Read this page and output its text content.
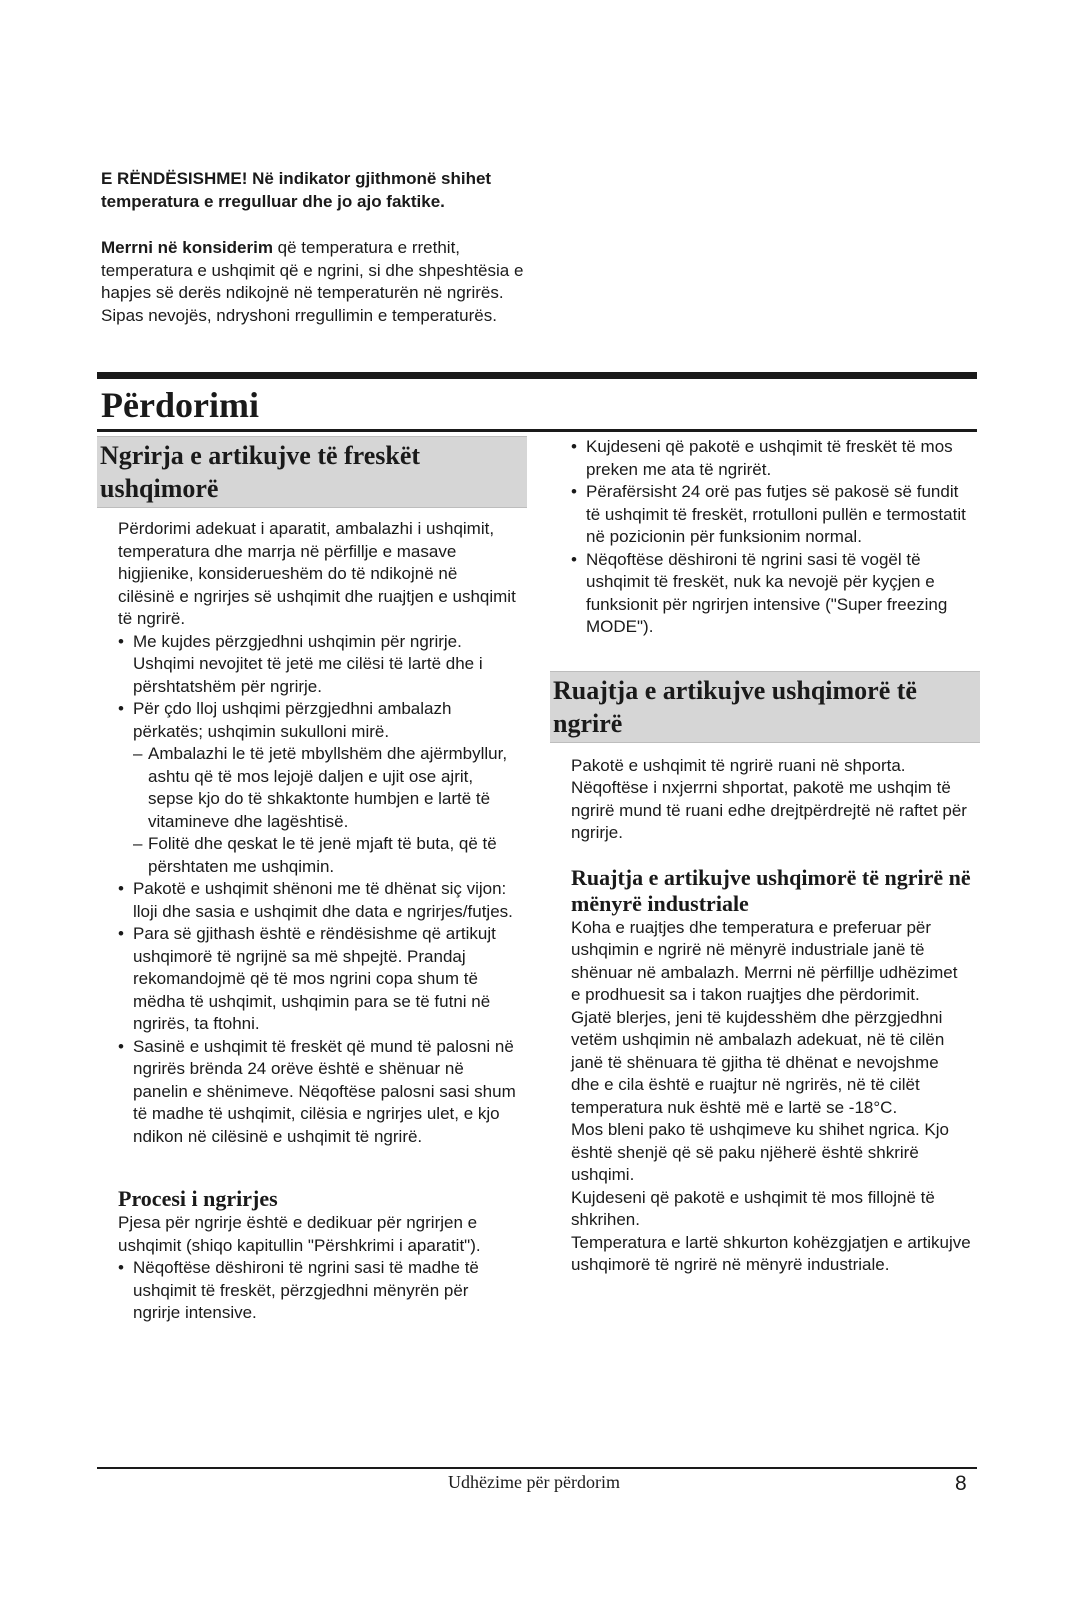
E RËNDËSISHME! Në indikator gjithmonë shihet temperatura e rregulluar dhe jo ajo faktike.

Merrni në konsiderim që temperatura e rrethit, temperatura e ushqimit që e ngrini, si dhe shpeshtësia e hapjes së derës ndikojnë në temperaturën në ngrirës. Sipas nevojës, ndryshoni rregullimin e temperaturës.

Përdorimi
Ngrirja e artikujve të freskët ushqimorë

Përdorimi adekuat i aparatit, ambalazhi i ushqimit, temperatura dhe marrja në përfillje e masave higjienike, konsiderueshëm do të ndikojnë në cilësinë e ngrirjes së ushqimit dhe ruajtjen e ushqimit të ngrirë.

• Me kujdes përzgjedhni ushqimin për ngrirje. Ushqimi nevojitet të jetë me cilësi të lartë dhe i përshtatshëm për ngrirje.
• Për çdo lloj ushqimi përzgjedhni ambalazh përkatës; ushqimin sukulloni mirë.
– Ambalazhi le të jetë mbyllshëm dhe ajërmbyllur, ashtu që të mos lejojë daljen e ujit ose ajrit, sepse kjo do të shkaktonte humbjen e lartë të vitamineve dhe lagështisë.
– Folitë dhe qeskat le të jenë mjaft të buta, që të përshtaten me ushqimin.
• Pakotë e ushqimit shënoni me të dhënat siç vijon: lloji dhe sasia e ushqimit dhe data e ngrirjes/futjes.
• Para së gjithash është e rëndësishme që artikujt ushqimorë të ngrijnë sa më shpejtë. Prandaj rekomandojmë që të mos ngrini copa shum të mëdha të ushqimit, ushqimin para se të futni në ngrirës, ta ftohni.
• Sasinë e ushqimit të freskët që mund të palosni në ngrirës brënda 24 orëve është e shënuar në panelin e shënimeve. Nëqoftëse palosni sasi shum të madhe të ushqimit, cilësia e ngrirjes ulet, e kjo ndikon në cilësinë e ushqimit të ngrirë.
Procesi i ngrirjes

Pjesa për ngrirje është e dedikuar për ngrirjen e ushqimit (shiqo kapitullin "Përshkrimi i aparatit").

• Nëqoftëse dëshironi të ngrini sasi të madhe të ushqimit të freskët, përzgjedhni mënyrën për ngrirje intensive.
• Kujdeseni që pakotë e ushqimit të freskët të mos preken me ata të ngrirët.
• Përafërsisht 24 orë pas futjes së pakosë së fundit të ushqimit të freskët, rrotulloni pullën e termostatit në pozicionin për funksionim normal.
• Nëqoftëse dëshironi të ngrini sasi të vogël të ushqimit të freskët, nuk ka nevojë për kyçjen e funksionit për ngrirjen intensive ("Super freezing MODE").
Ruajtja e artikujve ushqimorë të ngrirë

Pakotë e ushqimit të ngrirë ruani në shporta. Nëqoftëse i nxjerrni shportat, pakotë me ushqim të ngrirë mund të ruani edhe drejtpërdrejtë në raftet për ngrirje.

Ruajtja e artikujve ushqimorë të ngrirë në mënyrë industriale

Koha e ruajtjes dhe temperatura e preferuar për ushqimin e ngrirë në mënyrë industriale janë të shënuar në ambalazh. Merrni në përfillje udhëzimet e prodhuesit sa i takon ruajtjes dhe përdorimit.

Gjatë blerjes, jeni të kujdesshëm dhe përzgjedhni vetëm ushqimin në ambalazh adekuat, në të cilën janë të shënuara të gjitha të dhënat e nevojshme dhe e cila është e ruajtur në ngrirës, në të cilët temperatura nuk është më e lartë se -18°C.

Mos bleni pako të ushqimeve ku shihet ngrica. Kjo është shenjë që së paku njëherë është shkrirë ushqimi.

Kujdeseni që pakotë e ushqimit të mos fillojnë të shkrihen.

Temperatura e lartë shkurton kohëzgjatjen e artikujve ushqimorë të ngrirë në mënyrë industriale.

Udhëzime për përdorim	8
